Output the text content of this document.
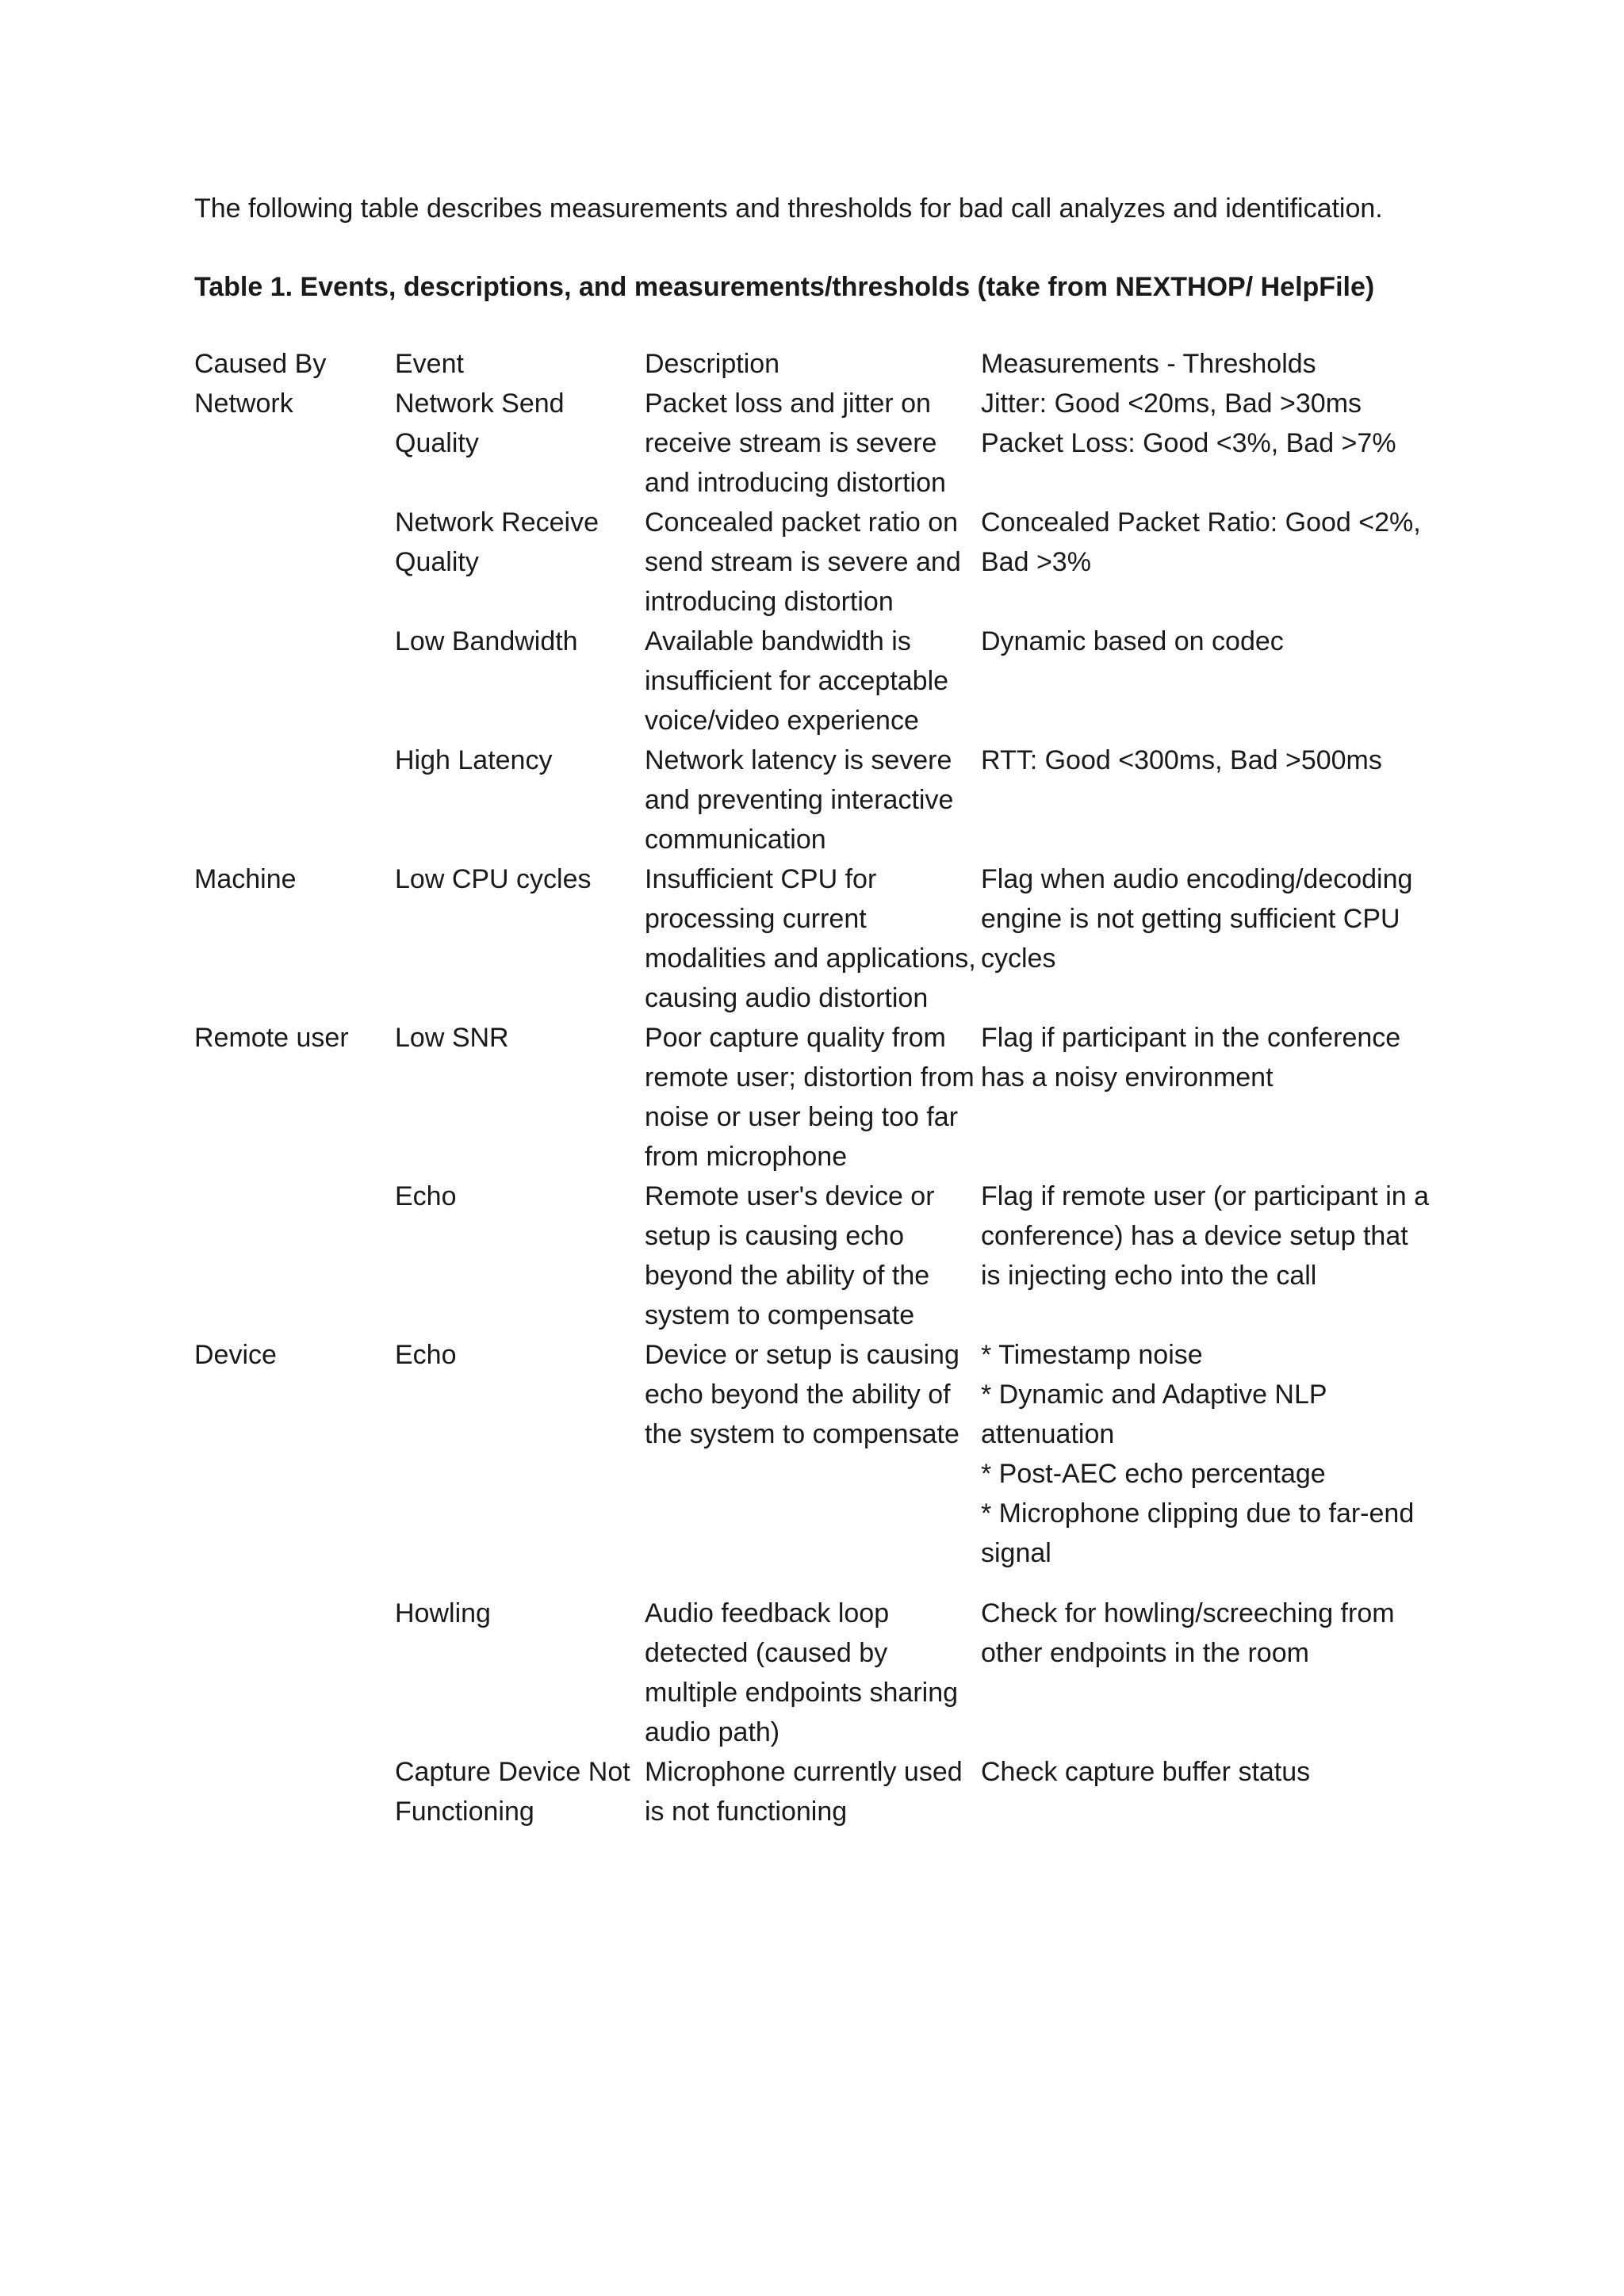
The following table describes measurements and thresholds for bad call analyzes and identification.

Table 1. Events, descriptions, and measurements/thresholds (take from NEXTHOP/ HelpFile)

Caused By	Event	Description	Measurements - Thresholds
Network	Network Send Quality	Packet loss and jitter on receive stream is severe and introducing distortion	Jitter: Good <20ms, Bad >30ms
Packet Loss: Good <3%, Bad >7%

	Network Receive Quality	Concealed packet ratio on send stream is severe and introducing distortion	Concealed Packet Ratio: Good <2%, Bad >3%

	Low Bandwidth	Available bandwidth is insufficient for acceptable voice/video experience	Dynamic based on codec

	High Latency	Network latency is severe and preventing interactive communication	RTT: Good <300ms, Bad >500ms

Machine	Low CPU cycles	Insufficient CPU for processing current modalities and applications, causing audio distortion	Flag when audio encoding/decoding engine is not getting sufficient CPU cycles

Remote user	Low SNR	Poor capture quality from remote user; distortion from noise or user being too far from microphone	Flag if participant in the conference has a noisy environment

	Echo	Remote user's device or setup is causing echo beyond the ability of the system to compensate	Flag if remote user (or participant in a conference) has a device setup that is injecting echo into the call

Device	Echo	Device or setup is causing echo beyond the ability of the system to compensate	* Timestamp noise
* Dynamic and Adaptive NLP attenuation
* Post-AEC echo percentage
* Microphone clipping due to far-end signal

	Howling	Audio feedback loop detected (caused by multiple endpoints sharing audio path)	Check for howling/screeching from other endpoints in the room

	Capture Device Not Functioning	Microphone currently used is not functioning	Check capture buffer status
